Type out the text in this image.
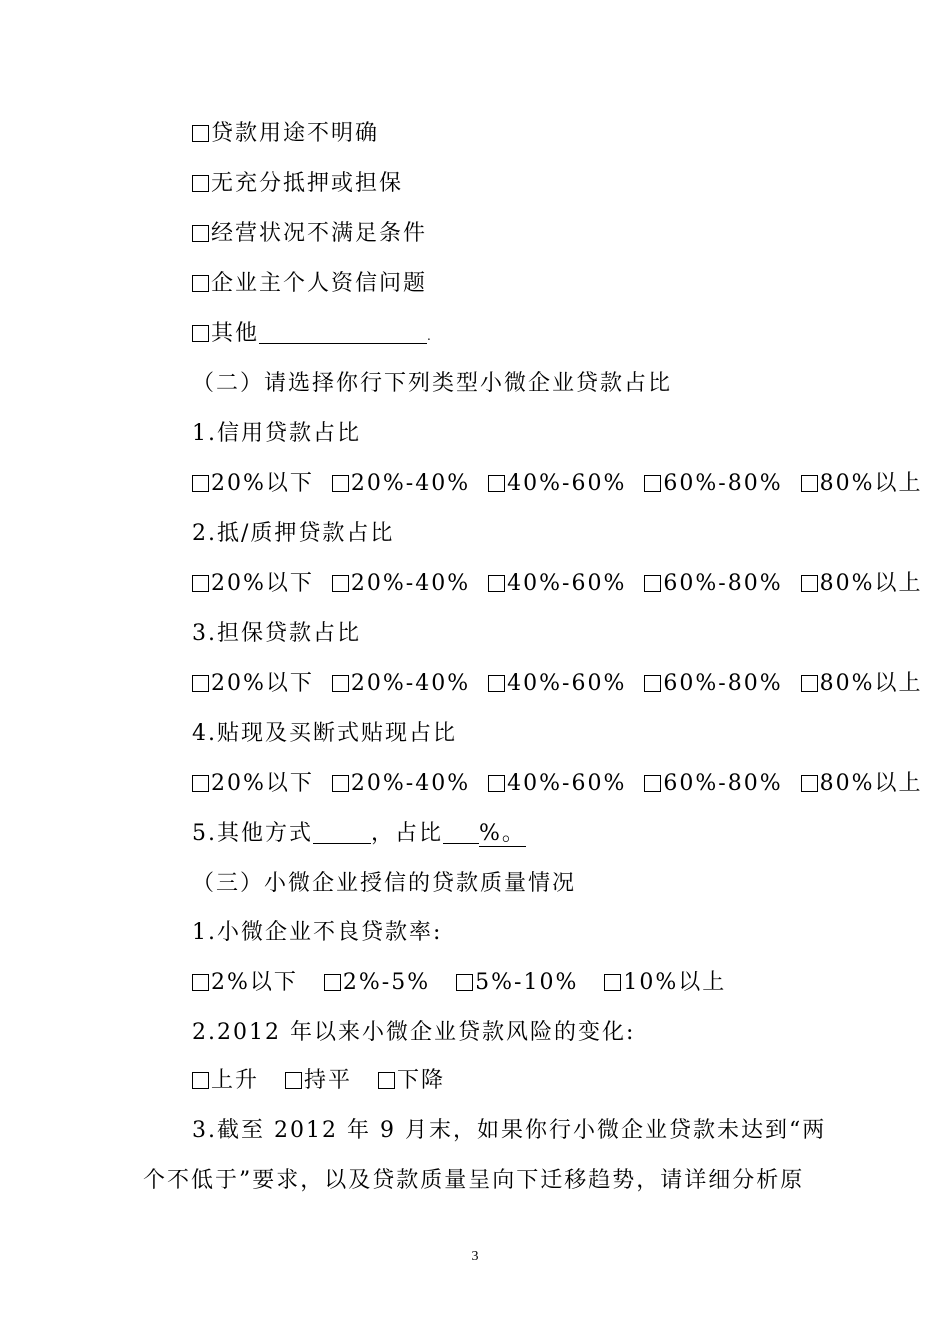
贷款用途不明确
无充分抵押或担保
经营状况不满足条件
企业主个人资信问题
其他	.
（二）请选择你行下列类型小微企业贷款占比
1.信用贷款占比
20%以下 20%-40% 40%-60% 60%-80% 80%以上
2.抵/质押贷款占比
20%以下 20%-40% 40%-60% 60%-80% 80%以上
3.担保贷款占比
20%以下 20%-40% 40%-60% 60%-80% 80%以上
4.贴现及买断式贴现占比
20%以下 20%-40% 40%-60% 60%-80% 80%以上
5.其他方式	，占比 %。
（三）小微企业授信的贷款质量情况
1.小微企业不良贷款率:
2%以下 2%-5% 5%-10% 10%以上
2.2012 年以来小微企业贷款风险的变化:
上升 持平 下降
3.截至 2012 年 9 月末，如果你行小微企业贷款未达到“两
个不低于”要求，以及贷款质量呈向下迁移趋势，请详细分析原
3
